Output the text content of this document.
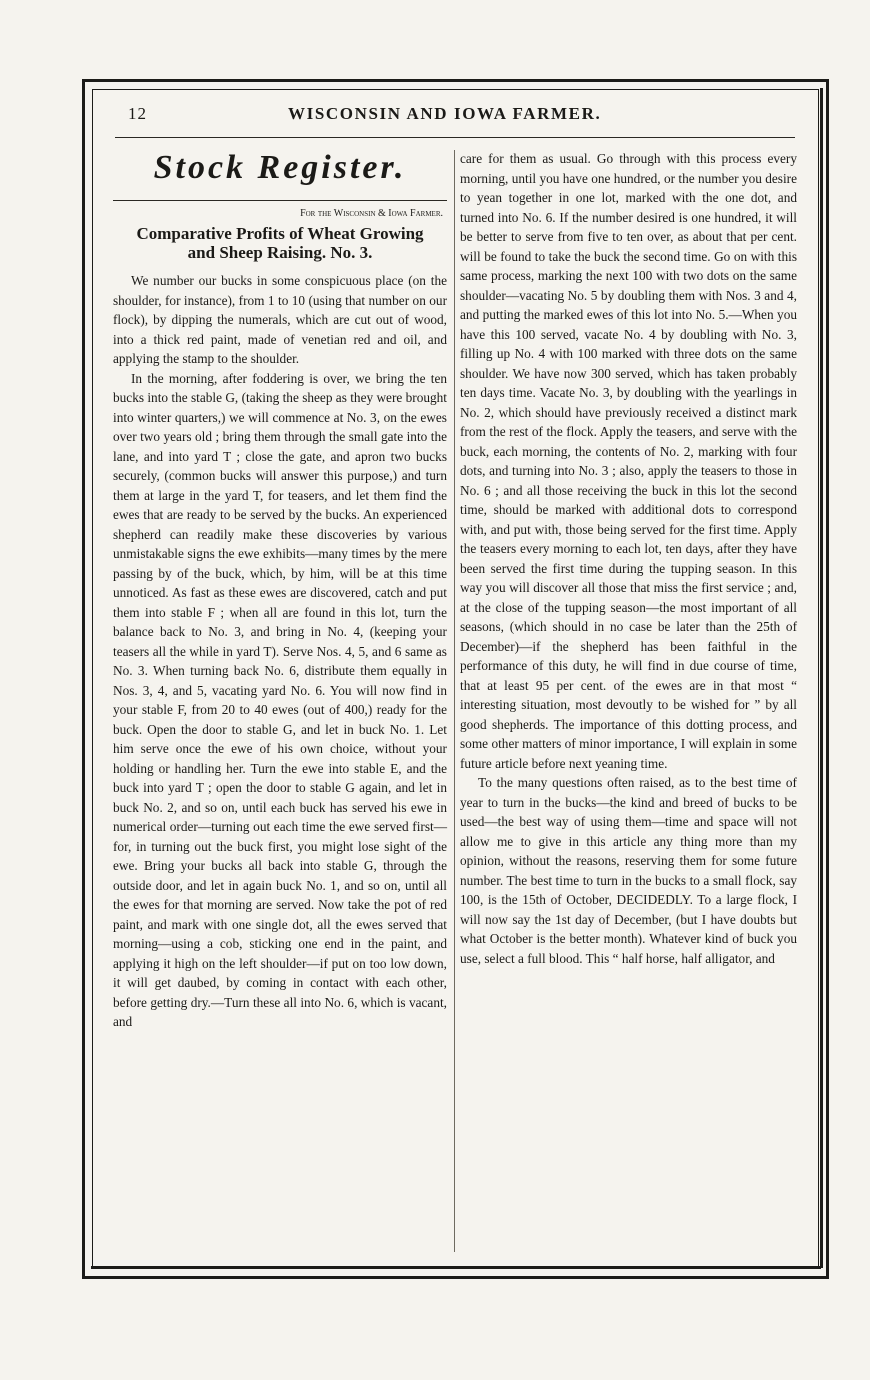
12	WISCONSIN AND IOWA FARMER.
Stock Register.
For the Wisconsin & Iowa Farmer.
Comparative Profits of Wheat Growing
and Sheep Raising. No. 3.

We number our bucks in some conspicuous place (on the shoulder, for instance), from 1 to 10 (using that number on our flock), by dipping the numerals, which are cut out of wood, into a thick red paint, made of venetian red and oil, and applying the stamp to the shoulder.

In the morning, after foddering is over, we bring the ten bucks into the stable G, (taking the sheep as they were brought into winter quarters,) we will commence at No. 3, on the ewes over two years old ; bring them through the small gate into the lane, and into yard T ; close the gate, and apron two bucks securely, (common bucks will answer this purpose,) and turn them at large in the yard T, for teasers, and let them find the ewes that are ready to be served by the bucks. An experienced shepherd can readily make these discoveries by various unmistakable signs the ewe exhibits—many times by the mere passing by of the buck, which, by him, will be at this time unnoticed. As fast as these ewes are discovered, catch and put them into stable F ; when all are found in this lot, turn the balance back to No. 3, and bring in No. 4, (keeping your teasers all the while in yard T). Serve Nos. 4, 5, and 6 same as No. 3. When turning back No. 6, distribute them equally in Nos. 3, 4, and 5, vacating yard No. 6. You will now find in your stable F, from 20 to 40 ewes (out of 400,) ready for the buck. Open the door to stable G, and let in buck No. 1. Let him serve once the ewe of his own choice, without your holding or handling her. Turn the ewe into stable E, and the buck into yard T ; open the door to stable G again, and let in buck No. 2, and so on, until each buck has served his ewe in numerical order—turning out each time the ewe served first—for, in turning out the buck first, you might lose sight of the ewe. Bring your bucks all back into stable G, through the outside door, and let in again buck No. 1, and so on, until all the ewes for that morning are served. Now take the pot of red paint, and mark with one single dot, all the ewes served that morning—using a cob, sticking one end in the paint, and applying it high on the left shoulder—if put on too low down, it will get daubed, by coming in contact with each other, before getting dry.—Turn these all into No. 6, which is vacant, and

care for them as usual. Go through with this process every morning, until you have one hundred, or the number you desire to yean together in one lot, marked with the one dot, and turned into No. 6. If the number desired is one hundred, it will be better to serve from five to ten over, as about that per cent. will be found to take the buck the second time. Go on with this same process, marking the next 100 with two dots on the same shoulder—vacating No. 5 by doubling them with Nos. 3 and 4, and putting the marked ewes of this lot into No. 5.—When you have this 100 served, vacate No. 4 by doubling with No. 3, filling up No. 4 with 100 marked with three dots on the same shoulder. We have now 300 served, which has taken probably ten days time. Vacate No. 3, by doubling with the yearlings in No. 2, which should have previously received a distinct mark from the rest of the flock. Apply the teasers, and serve with the buck, each morning, the contents of No. 2, marking with four dots, and turning into No. 3 ; also, apply the teasers to those in No. 6 ; and all those receiving the buck in this lot the second time, should be marked with additional dots to correspond with, and put with, those being served for the first time. Apply the teasers every morning to each lot, ten days, after they have been served the first time during the tupping season. In this way you will discover all those that miss the first service ; and, at the close of the tupping season—the most important of all seasons, (which should in no case be later than the 25th of December)—if the shepherd has been faithful in the performance of this duty, he will find in due course of time, that at least 95 per cent. of the ewes are in that most “ interesting situation, most devoutly to be wished for ” by all good shepherds. The importance of this dotting process, and some other matters of minor importance, I will explain in some future article before next yeaning time.

To the many questions often raised, as to the best time of year to turn in the bucks—the kind and breed of bucks to be used—the best way of using them—time and space will not allow me to give in this article any thing more than my opinion, without the reasons, reserving them for some future number. The best time to turn in the bucks to a small flock, say 100, is the 15th of October, DECIDEDLY. To a large flock, I will now say the 1st day of December, (but I have doubts but what October is the better month). Whatever kind of buck you use, select a full blood. This “ half horse, half alligator, and
